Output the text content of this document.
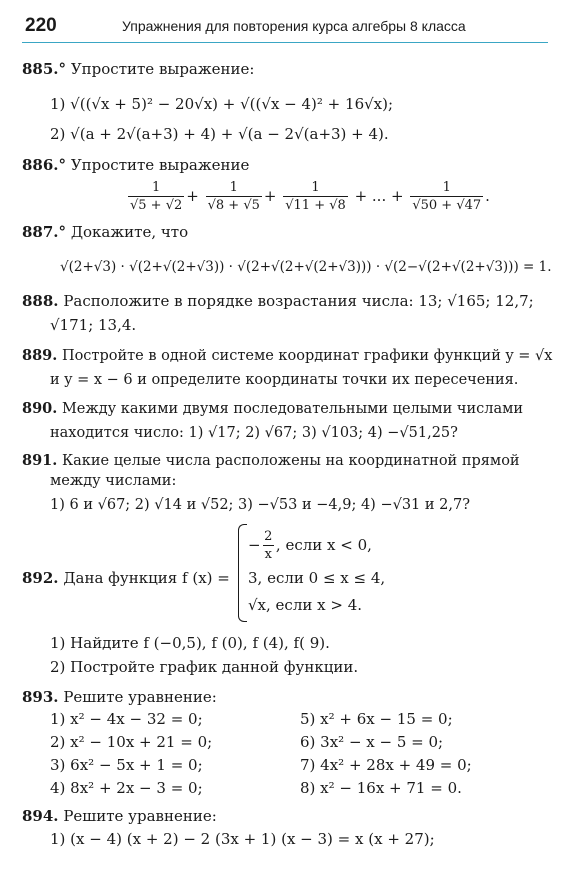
220	Упражнения для повторения курса алгебры 8 класса
885.° Упростите выражение:
1) √((√x + 5)² − 20√x) + √((√x − 4)² + 16√x);
2) √(a + 2√(a+3) + 4) + √(a − 2√(a+3) + 4).
886.° Упростите выражение
$\frac{1}{√5 + √2} + \frac{1}{√8 + √5} + \frac{1}{√11 + √8}$ + ... + $\frac{1}{√50 + √47}$ .
887.° Докажите, что
√(2+√3) · √(2+√(2+√3)) · √(2+√(2+√(2+√3))) · √(2−√(2+√(2+√3))) = 1.
888. Расположите в порядке возрастания числа: 13; √165; 12,7;
√171; 13,4.
889. Постройте в одной системе координат графики функций y = √x
и y = x − 6 и определите координаты точки их пересечения.
890. Между какими двумя последовательными целыми числами
находится число: 1) √17; 2) √67; 3) √103; 4) −√51,25?
891. Какие целые числа расположены на координатной прямой
между числами:
1) 6 и √67; 2) √14 и √52; 3) −√53 и −4,9; 4) −√31 и 2,7?
892. Дана функция f (x) =
− $\frac{2}{x}$ , если x < 0,
3, если 0 ≤ x ≤ 4,
√x, если x > 4.
1) Найдите f (−0,5), f (0), f (4), f( 9).
2) Постройте график данной функции.
893. Решите уравнение:
1) x² − 4x − 32 = 0;
2) x² − 10x + 21 = 0;
3) 6x² − 5x + 1 = 0;
4) 8x² + 2x − 3 = 0;
5) x² + 6x − 15 = 0;
6) 3x² − x − 5 = 0;
7) 4x² + 28x + 49 = 0;
8) x² − 16x + 71 = 0.
894. Решите уравнение:
1) (x − 4) (x + 2) − 2 (3x + 1) (x − 3) = x (x + 27);
